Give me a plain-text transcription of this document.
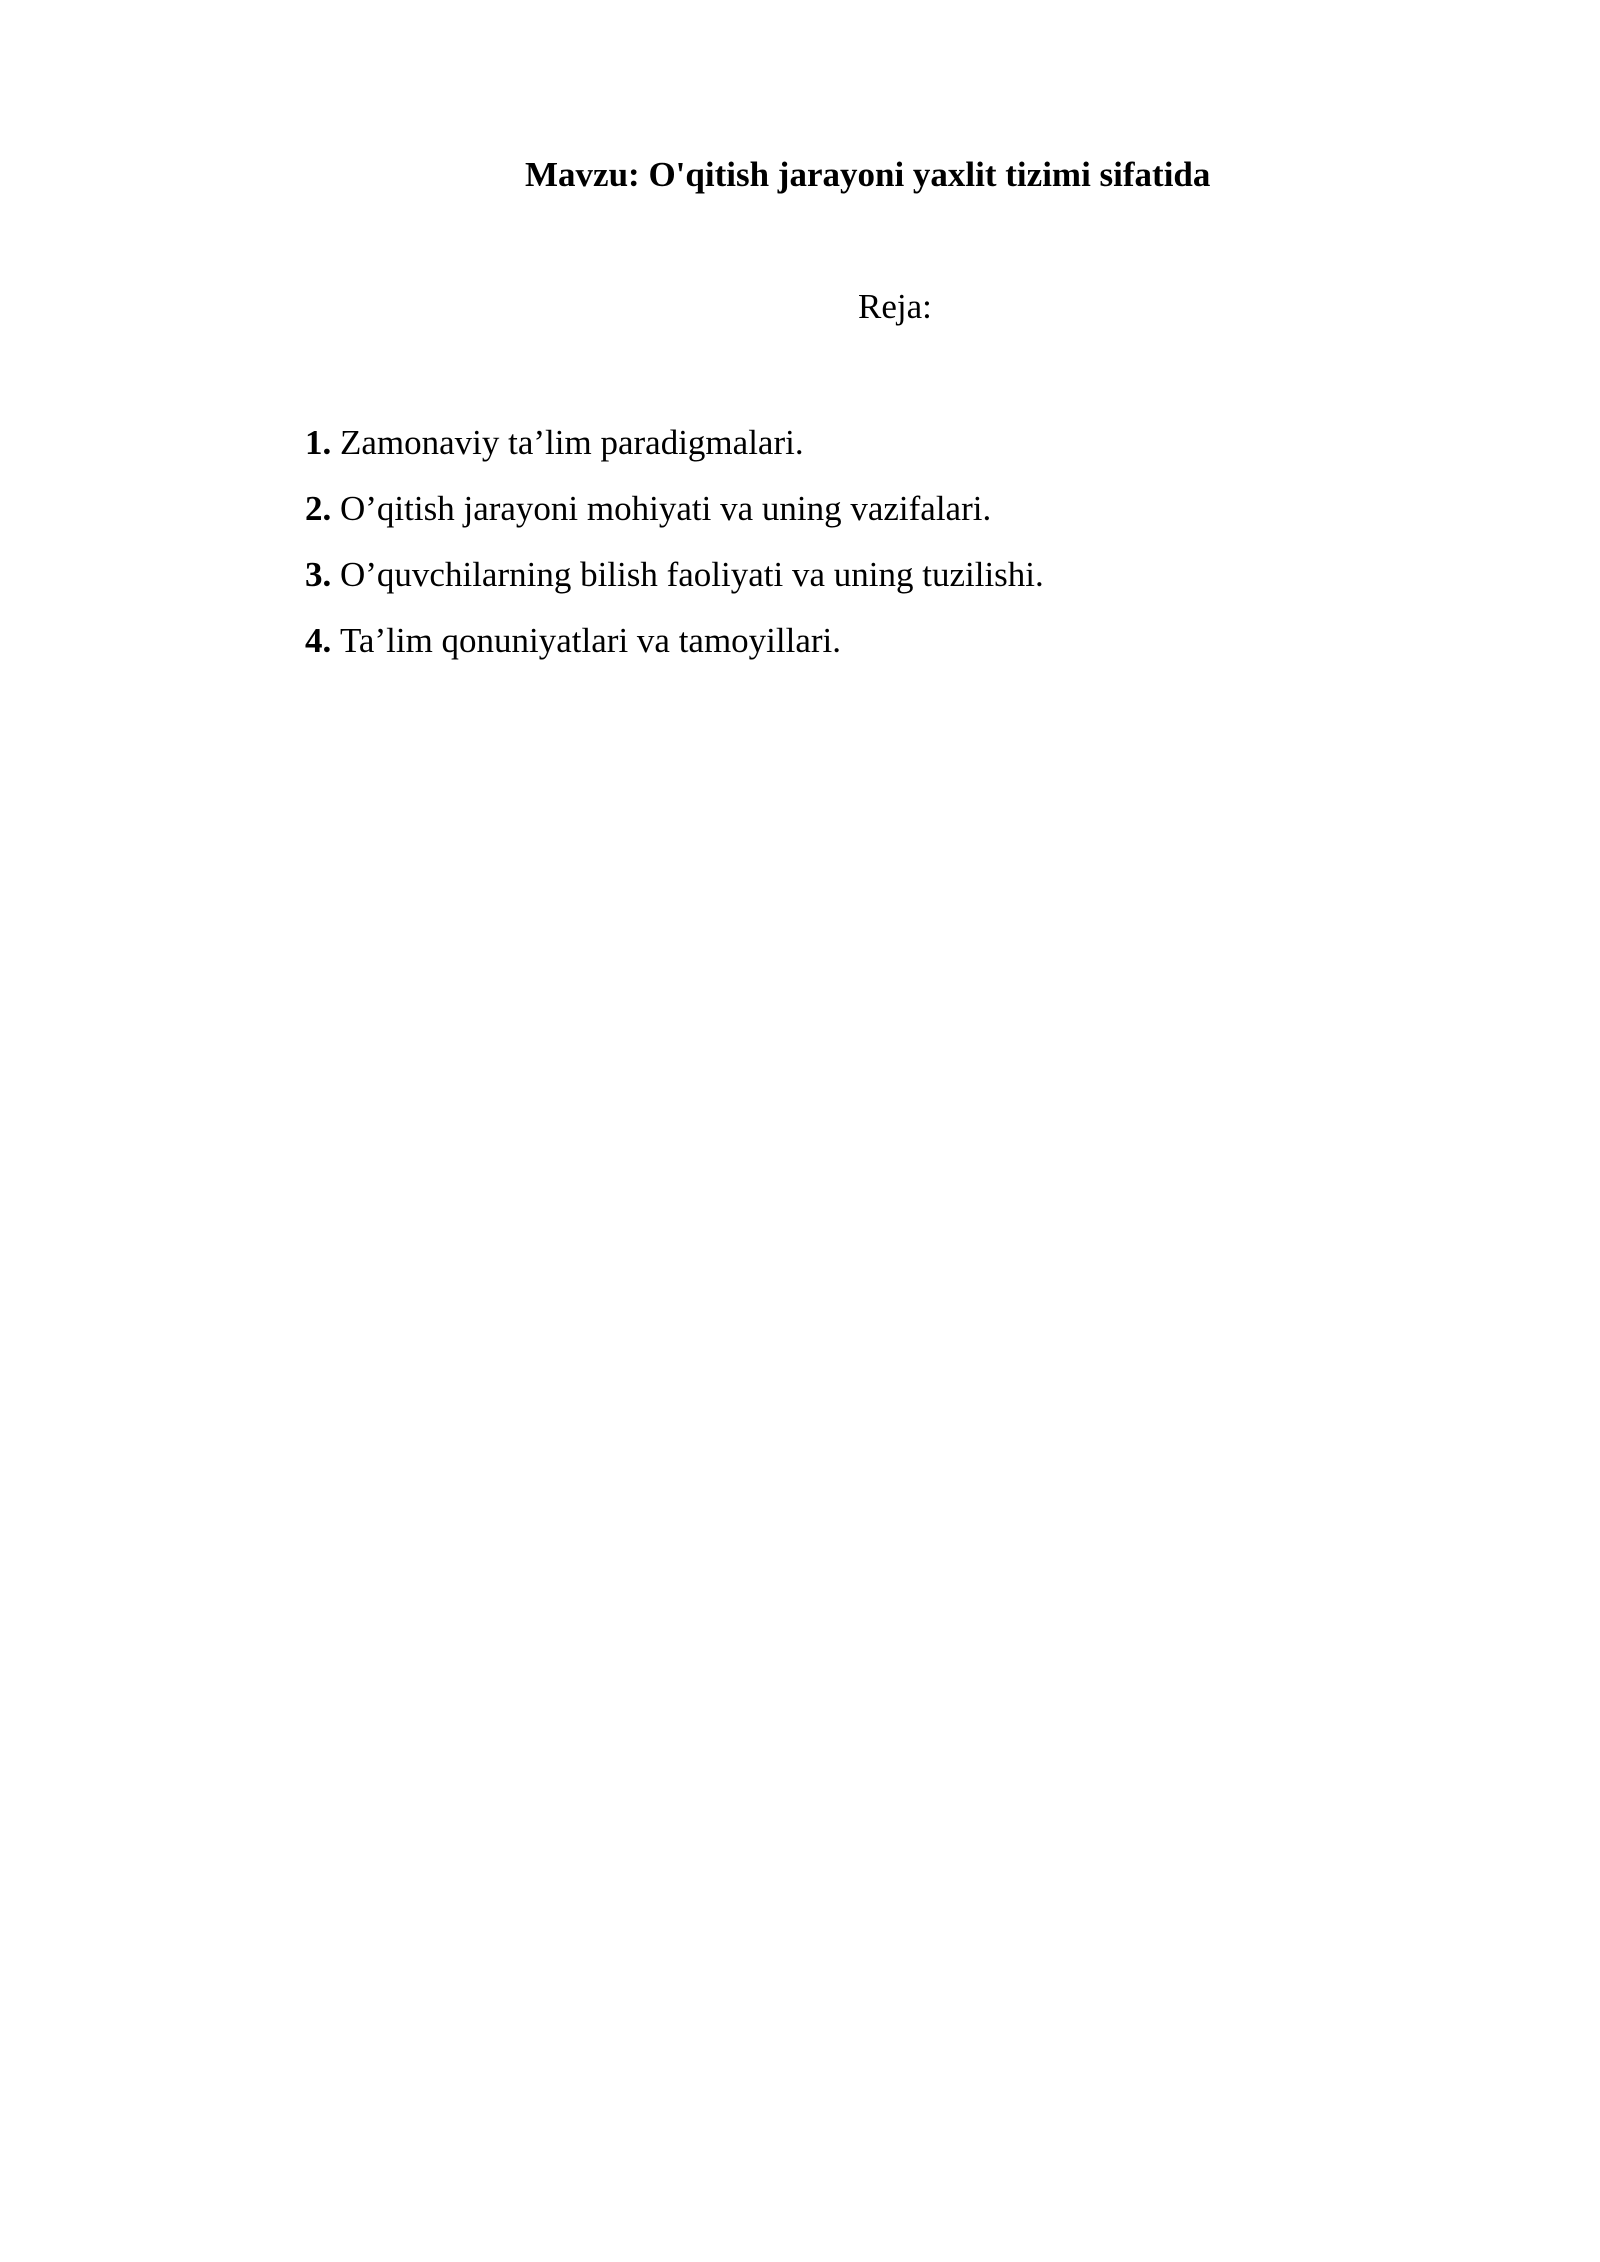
Mavzu: O'qitish jarayoni yaxlit tizimi sifatida
Reja:
1. Zamonaviy ta’lim paradigmalari.
2. O’qitish jarayoni mohiyati va uning vazifalari.
3. O’quvchilarning bilish faoliyati va uning tuzilishi.
4. Ta’lim qonuniyatlari va tamoyillari.
